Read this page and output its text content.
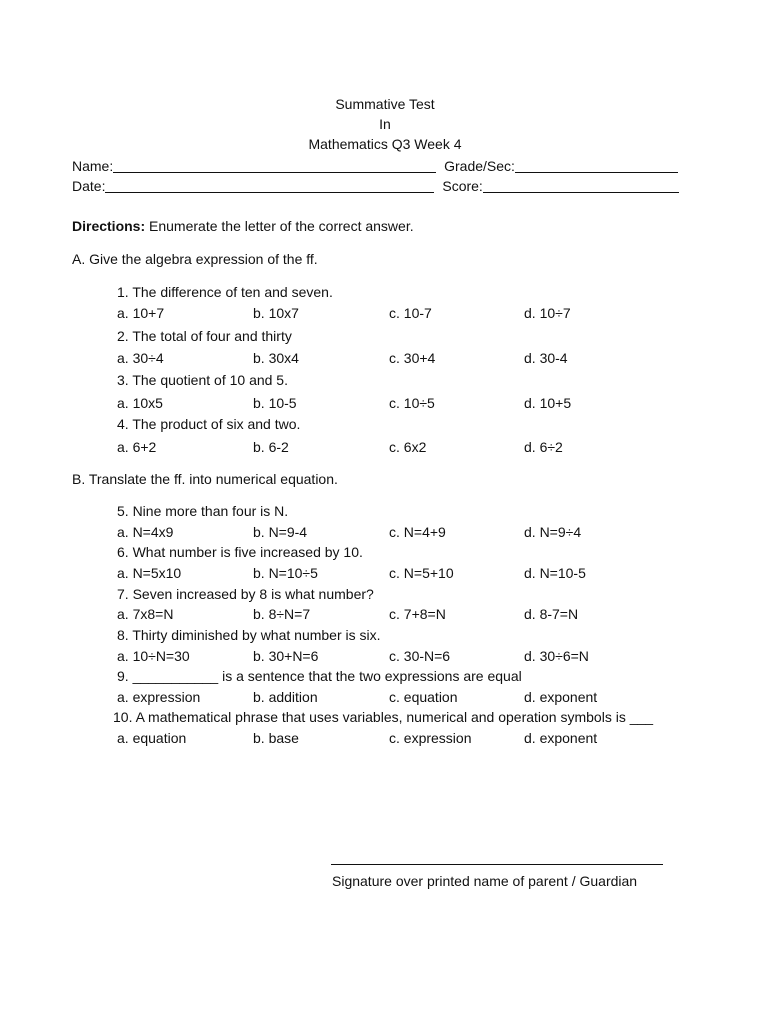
Summative Test
In
Mathematics Q3 Week 4
Name:	Grade/Sec:
Date:	Score:
Directions: Enumerate the letter of the correct answer.
A. Give the algebra expression of the ff.
1. The difference of ten and seven.
a. 10+7	b. 10x7	c. 10-7	d. 10÷7
2. The total of four and thirty
a. 30÷4	b. 30x4	c. 30+4	d. 30-4
3. The quotient of 10 and 5.
a. 10x5	b. 10-5	c. 10÷5	d. 10+5
4. The product of six and two.
a. 6+2	b. 6-2	c. 6x2	d. 6÷2
B. Translate the ff. into numerical equation.
5. Nine more than four is N.
a. N=4x9	b. N=9-4	c. N=4+9	d. N=9÷4
6. What number is five increased by 10.
a. N=5x10	b. N=10÷5	c. N=5+10	d. N=10-5
7. Seven increased by 8 is what number?
a. 7x8=N	b. 8÷N=7	c. 7+8=N	d. 8-7=N
8. Thirty diminished by what number is six.
a. 10÷N=30	b. 30+N=6	c. 30-N=6	d. 30÷6=N
9. ___________ is a sentence that the two expressions are equal
a. expression	b. addition	c. equation	d. exponent
10. A mathematical phrase that uses variables, numerical and operation symbols is ___
a. equation	b. base	c. expression	d. exponent
Signature over printed name of parent / Guardian
